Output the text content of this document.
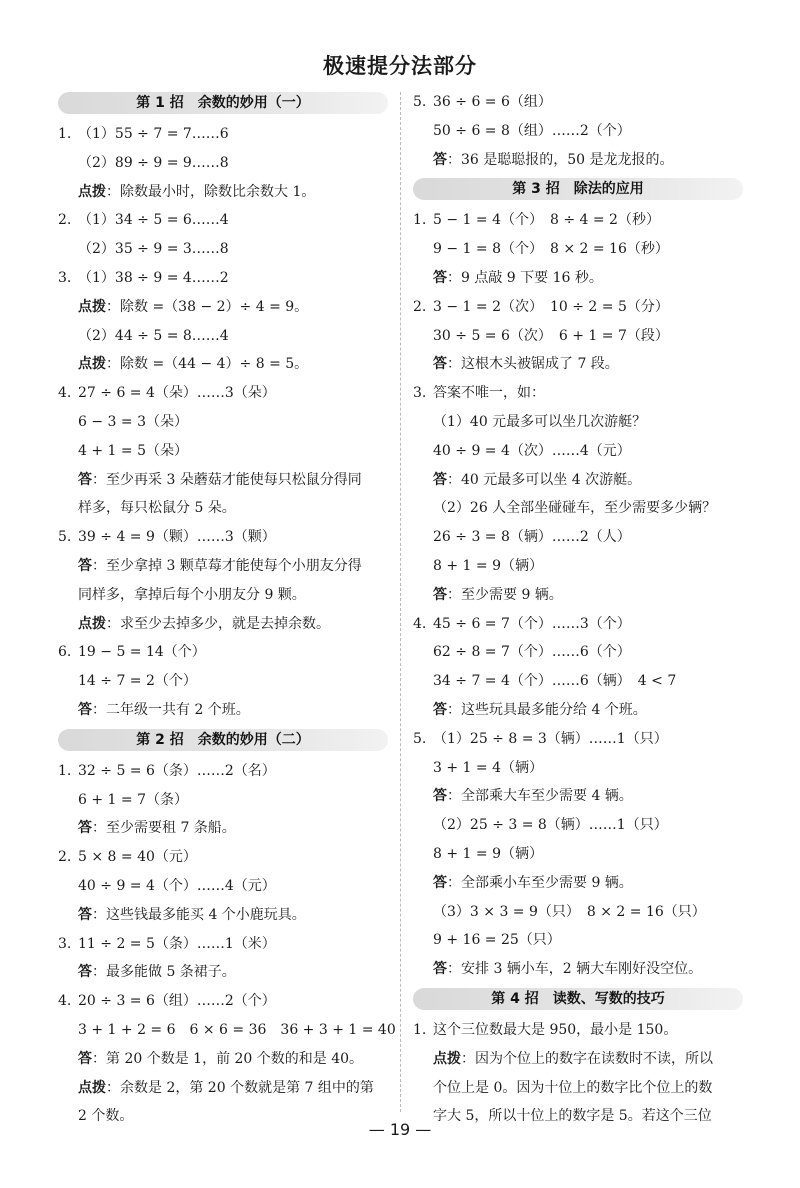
极速提分法部分
第 1 招　余数的妙用（一）
1. （1）55 ÷ 7 = 7……6
（2）89 ÷ 9 = 9……8
点拨：除数最小时，除数比余数大 1。
2. （1）34 ÷ 5 = 6……4
（2）35 ÷ 9 = 3……8
3. （1）38 ÷ 9 = 4……2
点拨：除数 =（38 − 2）÷ 4 = 9。
（2）44 ÷ 5 = 8……4
点拨：除数 =（44 − 4）÷ 8 = 5。
4. 27 ÷ 6 = 4（朵）……3（朵）
6 − 3 = 3（朵）
4 + 1 = 5（朵）
答：至少再采 3 朵蘑菇才能使每只松鼠分得同
样多，每只松鼠分 5 朵。
5. 39 ÷ 4 = 9（颗）……3（颗）
答：至少拿掉 3 颗草莓才能使每个小朋友分得
同样多，拿掉后每个小朋友分 9 颗。
点拨：求至少去掉多少，就是去掉余数。
6. 19 − 5 = 14（个）
14 ÷ 7 = 2（个）
答：二年级一共有 2 个班。
第 2 招　余数的妙用（二）
1. 32 ÷ 5 = 6（条）……2（名）
6 + 1 = 7（条）
答：至少需要租 7 条船。
2. 5 × 8 = 40（元）
40 ÷ 9 = 4（个）……4（元）
答：这些钱最多能买 4 个小鹿玩具。
3. 11 ÷ 2 = 5（条）……1（米）
答：最多能做 5 条裙子。
4. 20 ÷ 3 = 6（组）……2（个）
3 + 1 + 2 = 6　6 × 6 = 36　36 + 3 + 1 = 40
答：第 20 个数是 1，前 20 个数的和是 40。
点拨：余数是 2，第 20 个数就是第 7 组中的第
2 个数。
5. 36 ÷ 6 = 6（组）
50 ÷ 6 = 8（组）……2（个）
答：36 是聪聪报的，50 是龙龙报的。
第 3 招　除法的应用
1. 5 − 1 = 4（个）　8 ÷ 4 = 2（秒）
9 − 1 = 8（个）　8 × 2 = 16（秒）
答：9 点敲 9 下要 16 秒。
2. 3 − 1 = 2（次）　10 ÷ 2 = 5（分）
30 ÷ 5 = 6（次）　6 + 1 = 7（段）
答：这根木头被锯成了 7 段。
3. 答案不唯一，如：
（1）40 元最多可以坐几次游艇？
40 ÷ 9 = 4（次）……4（元）
答：40 元最多可以坐 4 次游艇。
（2）26 人全部坐碰碰车，至少需要多少辆？
26 ÷ 3 = 8（辆）……2（人）
8 + 1 = 9（辆）
答：至少需要 9 辆。
4. 45 ÷ 6 = 7（个）……3（个）
62 ÷ 8 = 7（个）……6（个）
34 ÷ 7 = 4（个）……6（辆）　4 < 7
答：这些玩具最多能分给 4 个班。
5. （1）25 ÷ 8 = 3（辆）……1（只）
3 + 1 = 4（辆）
答：全部乘大车至少需要 4 辆。
（2）25 ÷ 3 = 8（辆）……1（只）
8 + 1 = 9（辆）
答：全部乘小车至少需要 9 辆。
（3）3 × 3 = 9（只）　8 × 2 = 16（只）
9 + 16 = 25（只）
答：安排 3 辆小车，2 辆大车刚好没空位。
第 4 招　读数、写数的技巧
1. 这个三位数最大是 950，最小是 150。
点拨：因为个位上的数字在读数时不读，所以
个位上是 0。因为十位上的数字比个位上的数
字大 5，所以十位上的数字是 5。若这个三位
— 19 —
